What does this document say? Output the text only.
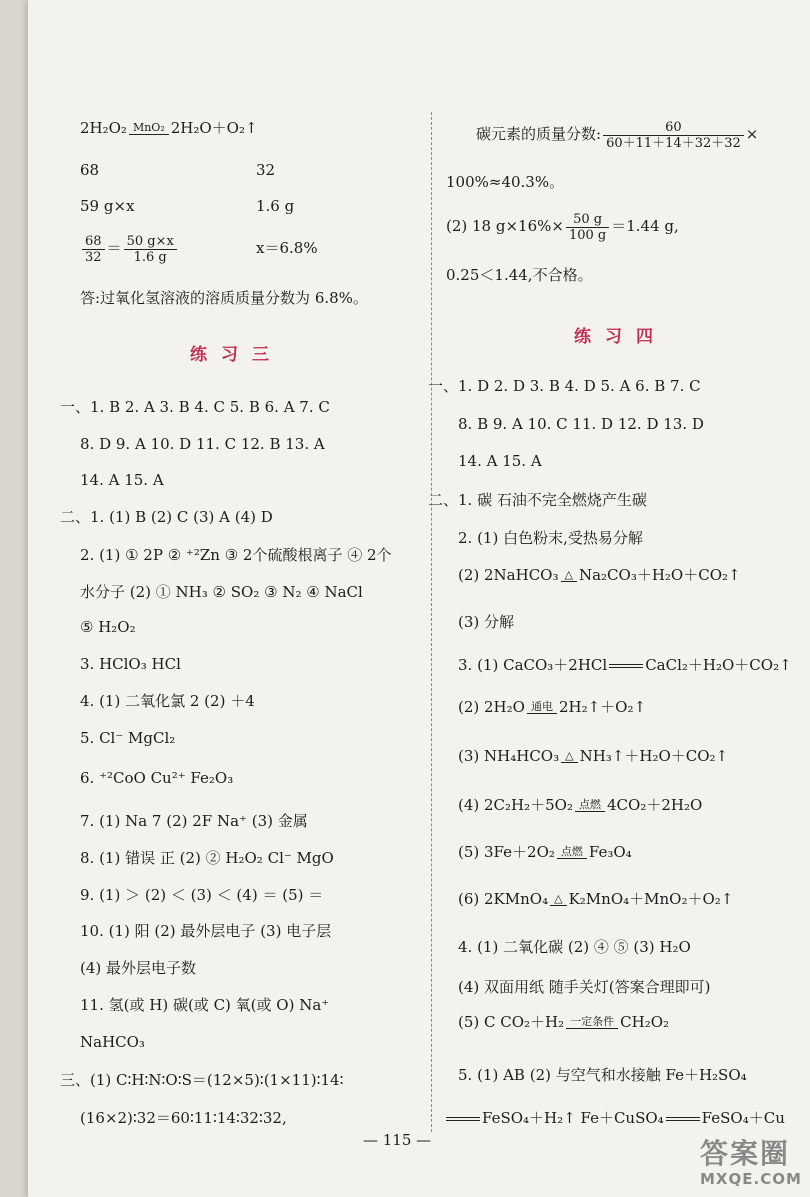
2H₂O₂ MnO₂ 2H₂O＋O₂↑
68	32
59 g×x	1.6 g
$\frac{68}{32} = \frac{50 g\times x}{1.6 g}$	x＝6.8%
答:过氧化氢溶液的溶质质量分数为 6.8%。
练习三
一、1. B 2. A 3. B 4. C 5. B 6. A 7. C
8. D 9. A 10. D 11. C 12. B 13. A
14. A 15. A
二、1. (1) B (2) C (3) A (4) D
2. (1) ① 2P ② ⁺²Zn ③ 2个硫酸根离子 ④ 2个
水分子 (2) ① NH₃ ② SO₂ ③ N₂ ④ NaCl
⑤ H₂O₂
3. HClO₃ HCl
4. (1) 二氧化氯 2 (2) ＋4
5. Cl⁻ MgCl₂
6. ⁺²CoO Cu²⁺ Fe₂O₃
7. (1) Na 7 (2) 2F Na⁺ (3) 金属
8. (1) 错误 正 (2) ② H₂O₂ Cl⁻ MgO
9. (1) ＞ (2) ＜ (3) ＜ (4) ＝ (5) ＝
10. (1) 阳 (2) 最外层电子 (3) 电子层
(4) 最外层电子数
11. 氢(或 H) 碳(或 C) 氧(或 O) Na⁺
NaHCO₃
三、(1) C∶H∶N∶O∶S＝(12×5)∶(1×11)∶14∶
(16×2)∶32＝60∶11∶14∶32∶32,
碳元素的质量分数: $\frac{60}{60+11+14+32+32}$ ×
100%≈40.3%。
(2) 18 $g\times 16\%\times \frac{50 g}{100 g} =1.44$ g,
0.25＜1.44,不合格。
练习四
一、1. D 2. D 3. B 4. D 5. A 6. B 7. C
8. B 9. A 10. C 11. D 12. D 13. D
14. A 15. A
二、1. 碳 石油不完全燃烧产生碳
2. (1) 白色粉末,受热易分解
(2) 2NaHCO₃ △ Na₂CO₃＋H₂O＋CO₂↑
(3) 分解
3. (1) CaCO₃＋2HCl	CaCl₂＋H₂O＋CO₂↑
(2) 2H₂O 通电 2H₂↑＋O₂↑
(3) NH₄HCO₃ △ NH₃↑＋H₂O＋CO₂↑
(4) 2C₂H₂＋5O₂ 点燃 4CO₂＋2H₂O
(5) 3Fe＋2O₂ 点燃 Fe₃O₄
(6) 2KMnO₄ △ K₂MnO₄＋MnO₂＋O₂↑
4. (1) 二氧化碳 (2) ④ ⑤ (3) H₂O
(4) 双面用纸 随手关灯(答案合理即可)
(5) C CO₂＋H₂ 一定条件 CH₂O₂
5. (1) AB (2) 与空气和水接触 Fe＋H₂SO₄
FeSO₄＋H₂↑ Fe＋CuSO₄	FeSO₄＋Cu
— 115 —	答案圈
MXQE.COM
